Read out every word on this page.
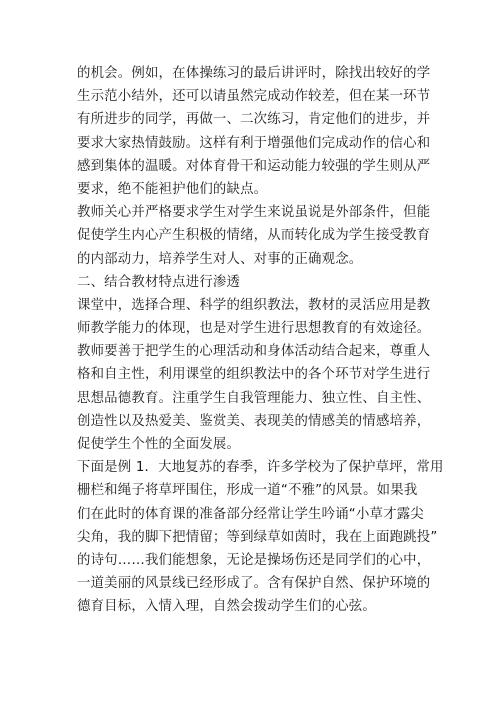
的机会。例如，在体操练习的最后讲评时，除找出较好的学
生示范小结外，还可以请虽然完成动作较差，但在某一环节
有所进步的同学，再做一、二次练习，肯定他们的进步，并
要求大家热情鼓励。这样有利于增强他们完成动作的信心和
感到集体的温暖。对体育骨干和运动能力较强的学生则从严
要求，绝不能袒护他们的缺点。
教师关心并严格要求学生对学生来说虽说是外部条件，但能
促使学生内心产生积极的情绪，从而转化成为学生接受教育
的内部动力，培养学生对人、对事的正确观念。
二、结合教材特点进行渗透
课堂中，选择合理、科学的组织教法，教材的灵活应用是教
师教学能力的体现，也是对学生进行思想教育的有效途径。
教师要善于把学生的心理活动和身体活动结合起来，尊重人
格和自主性，利用课堂的组织教法中的各个环节对学生进行
思想品德教育。注重学生自我管理能力、独立性、自主性、
创造性以及热爱美、鉴赏美、表现美的情感美的情感培养，
促使学生个性的全面发展。
下面是例 1．大地复苏的春季，许多学校为了保护草坪，常用
栅栏和绳子将草坪围住，形成一道“不雅”的风景。如果我
们在此时的体育课的准备部分经常让学生吟诵“小草才露尖
尖角，我的脚下把情留；等到绿草如茵时，我在上面跑跳投”
的诗句……我们能想象，无论是操场伤还是同学们的心中，
一道美丽的风景线已经形成了。含有保护自然、保护环境的
德育目标，入情入理，自然会拨动学生们的心弦。
